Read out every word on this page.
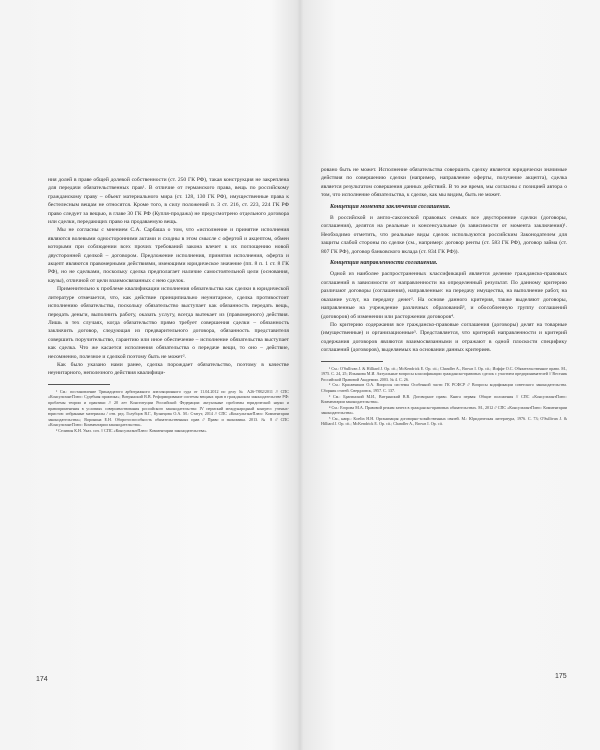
ния долей в праве общей долевой собственности (ст. 250 ГК РФ), такая конструкция не закреплена для передачи обязательственных прав¹. В отличие от германского права, вещь по российскому гражданскому праву – объект материального мира (ст. 128, 130 ГК РФ), имущественные права к бестелесным вещам не относятся. Кроме того, в силу положений п. 3 ст. 216, ст. 223, 224 ГК РФ право следует за вещью, в главе 30 ГК РФ (Купля-продажа) не предусмотрено отдельного договора или сделки, передающих право на продаваемую вещь.

Мы не согласны с мнением С.А. Сарбаша о том, что «исполнение и принятие исполнения являются волевыми односторонними актами и сходны в этом смысле с офертой и акцептом, обмен которыми при соблюдении всех прочих требований закона влечет к их поглощению новой двусторонней сделкой – договором. Предложение исполнения, принятия исполнения, оферта и акцепт являются правомерными действиями, имеющими юридическое значение (пп. 8 п. 1 ст. 8 ГК РФ), но не сделками, поскольку сделка предполагает наличие самостоятельной цели (основания, каузы), отличной от цели взаимосвязанных с нею сделок.

Применительно к проблеме квалификации исполнения обязательства как сделки в юридической литературе отмечается, что, как действие принципиально неунитарное, сделка противостоит исполнению обязательства, поскольку обязательство выступает как обязанность передать вещь, передать деньги, выполнить работу, оказать услугу, всегда вытекает из (правомерного) действия. Лишь в тех случаях, когда обязательство прямо требует совершения сделки – обязанность заключить договор, следующая из предварительного договора, обязанность представителя совершить поручительство, гарантию или иное обеспечение – исполнение обязательства выступает как сделка. Что же касается исполнения обязательства о передаче вещи, то оно – действие, несомненно, полезное и сделкой поэтому быть не может².

Как было указано нами ранее, сделка порождает обязательство, поэтому в качестве неунитарного, неполезного действия квалифици-

¹ См.: постановление Тринадцатого арбитражного апелляционного суда от 11.04.2012 по делу № А26-7882/2011 // СПС «КонсультантПлюс: Судебная практика»; Витрянский В.В. Реформирование системы вещных прав в гражданском законодательстве РФ: проблемы теории и практики // 20 лет Конституции Российской Федерации: актуальные проблемы юридической науки и правоприменения в условиях совершенствования российского законодательства: IV пермский международный конгресс ученых-юристов: избранные материалы / отв. ред. Голубцов В.Г., Кузнецова О.А. М.: Статут, 2014 // СПС «КонсультантПлюс: Комментарии законодательства»; Воронина Е.Н. Оборотоспособность обязательственных прав // Право и экономика. 2013. № 8 // СПС «КонсультантПлюс: Комментарии законодательства».

² Селивон К.Н. Указ. соч. // СПС «КонсультантПлюс: Комментарии законодательства».

ровано быть не может. Исполнение обязательства совершить сделку является юридически значимые действия по совершению сделки (например, направление оферты, получение акцепта), сделка является результатом совершения данных действий. В то же время, мы согласны с позицией автора о том, что исполнение обязательства, к сделке, как мы видим, быть не может.

Концепция момента заключения соглашения.

В российской и англо-саксонской правовых семьях все двусторонние сделки (договоры, соглашения), делятся на реальные и консенсуальные (в зависимости от момента заключения)¹. Необходимо отметить, что реальные виды сделок используются российским Законодателем для защиты слабой стороны по сделке (см., например: договор ренты (ст. 583 ГК РФ), договор займа (ст. 807 ГК РФ), договор банковского вклада (ст. 834 ГК РФ)).

Концепция направленности соглашения.

Одной из наиболее распространенных классификаций является деление гражданско-правовых соглашений в зависимости от направленности на определенный результат. По данному критерию различают договоры (соглашения), направленные: на передачу имущества, на выполнение работ, на оказание услуг, на передачу денег². На основе данного критерия, также выделяют договоры, направленные на учреждение различных образований³, и обособленную группу соглашений (договоров) об изменении или расторжении договоров⁴.

По критерию содержания все гражданско-правовые соглашения (договоры) делят на товарные (имущественные) и организационные⁵. Представляется, что критерий направленности и критерий содержания договоров являются взаимосвязанными и отражают в одной плоскости специфику соглашений (договоров), выделяемых на основании данных критериев.

¹ См.: O'Sullivan J. & Hilliard J. Op. cit.; McKendrick E. Op. cit.; Chandler A., Brown I. Op. cit.; Иоффе О.С. Обязательственное право. М., 1975. С. 24, 25; Ильинова М.И. Актуальные вопросы классификации гражданско-правовых сделок с участием предпринимателей // Вестник Российской Правовой Академии. 2003. № 4. С. 26.

² См.: Красавчиков О.А. Вопросы системы Особенной части ГК РСФСР // Вопросы кодификации советского законодательства. Сборник статей. Свердловск, 1957. С. 137.

³ См.: Брагинский М.И., Витрянский В.В. Договорное право. Книга первая: Общие положения // СПС «КонсультантПлюс: Комментарии законодательства».

⁴ См.: Егорова М.А. Правовой режим зачета в гражданско-правовых обязательствах. М., 2012 // СПС «КонсультантПлюс: Комментарии законодательства».

⁵ См., напр.: Koelin H.H. Организация договорно-хозяйственных связей. М.: Юридическая литература, 1976. С. 73; O'Sullivan J. & Hilliard J. Op. cit.; McKendrick E. Op. cit.; Chandler A., Brown I. Op. cit.

174	175
